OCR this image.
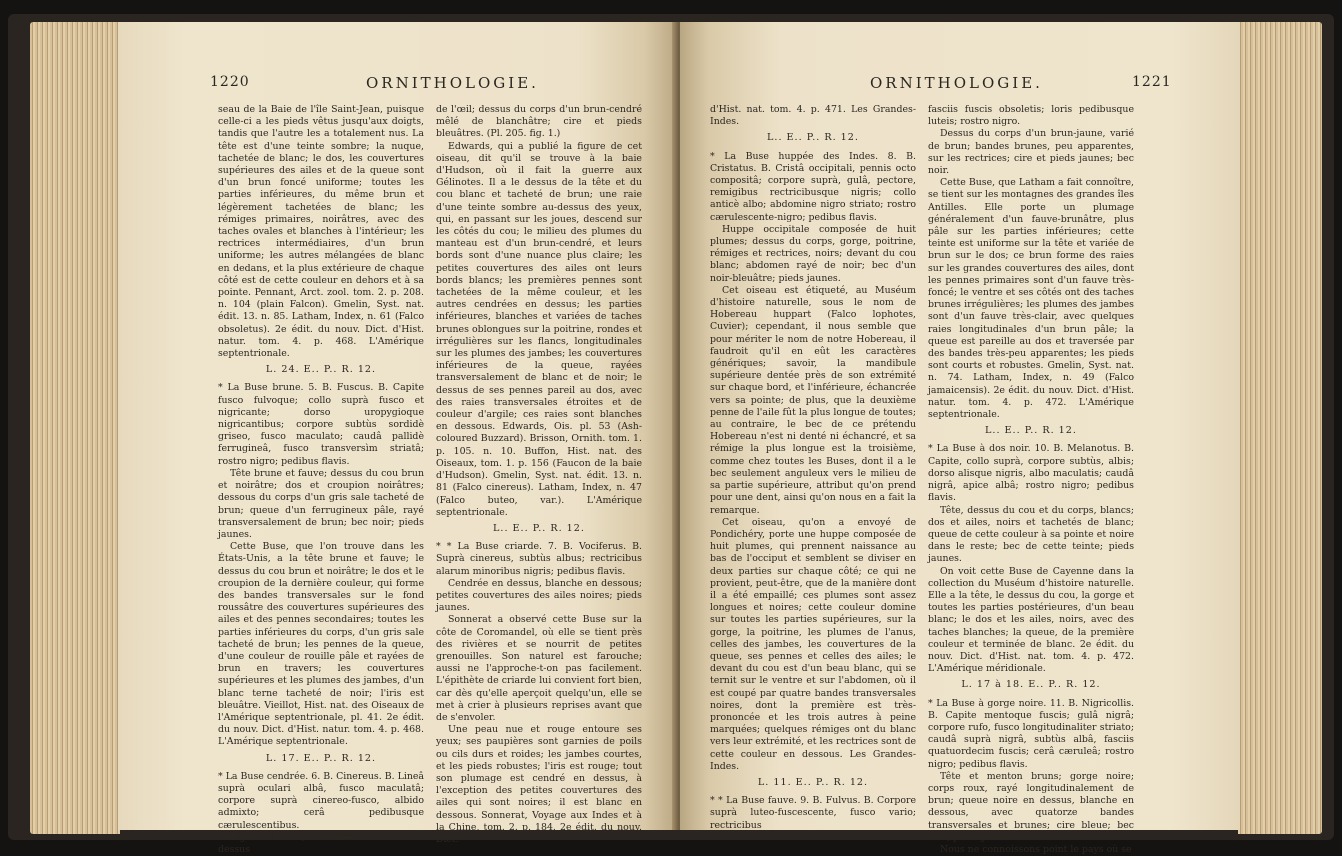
1220	ORNITHOLOGIE.

seau de la Baie de l'île Saint-Jean, puisque celle-ci a les pieds vêtus jusqu'aux doigts, tandis que l'autre les a totalement nus. La tête est d'une teinte sombre; la nuque, tachetée de blanc; le dos, les couvertures supérieures des ailes et de la queue sont d'un brun foncé uniforme; toutes les parties inférieures, du même brun et légèrement tachetées de blanc; les rémiges primaires, noirâtres, avec des taches ovales et blanches à l'intérieur; les rectrices intermédiaires, d'un brun uniforme; les autres mélangées de blanc en dedans, et la plus extérieure de chaque côté est de cette couleur en dehors et à sa pointe. Pennant, Arct. zool. tom. 2. p. 208. n. 104 (plain Falcon). Gmelin, Syst. nat. édit. 13. n. 85. Latham, Index, n. 61 (Falco obsoletus). 2e édit. du nouv. Dict. d'Hist. natur. tom. 4. p. 468. L'Amérique septentrionale.

L. 24. E.. P.. R. 12.

* La Buse brune. 5. B. Fuscus. B. Capite fusco fulvoque; collo suprà fusco et nigricante; dorso uropygioque nigricantibus; corpore subtùs sordidè griseo, fusco maculato; caudâ pallidè ferrugineâ, fusco transversìm striatâ; rostro nigro; pedibus flavis.

Tête brune et fauve; dessus du cou brun et noirâtre; dos et croupion noirâtres; dessous du corps d'un gris sale tacheté de brun; queue d'un ferrugineux pâle, rayé transversalement de brun; bec noir; pieds jaunes.

Cette Buse, que l'on trouve dans les États-Unis, a la tête brune et fauve; le dessus du cou brun et noirâtre; le dos et le croupion de la dernière couleur, qui forme des bandes transversales sur le fond roussâtre des couvertures supérieures des ailes et des pennes secondaires; toutes les parties inférieures du corps, d'un gris sale tacheté de brun; les pennes de la queue, d'une couleur de rouille pâle et rayées de brun en travers; les couvertures supérieures et les plumes des jambes, d'un blanc terne tacheté de noir; l'iris est bleuâtre. Vieillot, Hist. nat. des Oiseaux de l'Amérique septentrionale, pl. 41. 2e édit. du nouv. Dict. d'Hist. natur. tom. 4. p. 468. L'Amérique septentrionale.

L. 17. E.. P.. R. 12.

* La Buse cendrée. 6. B. Cinereus. B. Lineâ suprà oculari albâ, fusco maculatâ; corpore suprà cinereo-fusco, albido admixto; cerâ pedibusque cærulescentibus.

Ligne blanche, tachetée de brun au-dessus

de l'œil; dessus du corps d'un brun-cendré mêlé de blanchâtre; cire et pieds bleuâtres. (Pl. 205. fig. 1.)

Edwards, qui a publié la figure de cet oiseau, dit qu'il se trouve à la baie d'Hudson, où il fait la guerre aux Gélinotes. Il a le dessus de la tête et du cou blanc et tacheté de brun; une raie d'une teinte sombre au-dessus des yeux, qui, en passant sur les joues, descend sur les côtés du cou; le milieu des plumes du manteau est d'un brun-cendré, et leurs bords sont d'une nuance plus claire; les petites couvertures des ailes ont leurs bords blancs; les premières pennes sont tachetées de la même couleur, et les autres cendrées en dessus; les parties inférieures, blanches et variées de taches brunes oblongues sur la poitrine, rondes et irrégulières sur les flancs, longitudinales sur les plumes des jambes; les couvertures inférieures de la queue, rayées transversalement de blanc et de noir; le dessus de ses pennes pareil au dos, avec des raies transversales étroites et de couleur d'argile; ces raies sont blanches en dessous. Edwards, Ois. pl. 53 (Ash-coloured Buzzard). Brisson, Ornith. tom. 1. p. 105. n. 10. Buffon, Hist. nat. des Oiseaux, tom. 1. p. 156 (Faucon de la baie d'Hudson). Gmelin, Syst. nat. édit. 13. n. 81 (Falco cinereus). Latham, Index, n. 47 (Falco buteo, var.). L'Amérique septentrionale.

L.. E.. P.. R. 12.

* * La Buse criarde. 7. B. Vociferus. B. Suprà cinereus, subtùs albus; rectricibus alarum minoribus nigris; pedibus flavis.

Cendrée en dessus, blanche en dessous; petites couvertures des ailes noires; pieds jaunes.

Sonnerat a observé cette Buse sur la côte de Coromandel, où elle se tient près des rivières et se nourrit de petites grenouilles. Son naturel est farouche; aussi ne l'approche-t-on pas facilement. L'épithète de criarde lui convient fort bien, car dès qu'elle aperçoit quelqu'un, elle se met à crier à plusieurs reprises avant que de s'envoler.

Une peau nue et rouge entoure ses yeux; ses paupières sont garnies de poils ou cils durs et roides; les jambes courtes, et les pieds robustes; l'iris est rouge; tout son plumage est cendré en dessus, à l'exception des petites couvertures des ailes qui sont noires; il est blanc en dessous. Sonnerat, Voyage aux Indes et à la Chine, tom. 2. p. 184. 2e édit. du nouv. Dict.

ORNITHOLOGIE.	1221

d'Hist. nat. tom. 4. p. 471. Les Grandes-Indes.

L.. E.. P.. R. 12.

* La Buse huppée des Indes. 8. B. Cristatus. B. Cristâ occipitali, pennis octo compositâ; corpore suprà, gulâ, pectore, remigibus rectricibusque nigris; collo anticè albo; abdomine nigro striato; rostro cærulescente-nigro; pedibus flavis.

Huppe occipitale composée de huit plumes; dessus du corps, gorge, poitrine, rémiges et rectrices, noirs; devant du cou blanc; abdomen rayé de noir; bec d'un noir-bleuâtre; pieds jaunes.

Cet oiseau est étiqueté, au Muséum d'histoire naturelle, sous le nom de Hobereau huppart (Falco lophotes, Cuvier); cependant, il nous semble que pour mériter le nom de notre Hobereau, il faudroit qu'il en eût les caractères génériques; savoir, la mandibule supérieure dentée près de son extrémité sur chaque bord, et l'inférieure, échancrée vers sa pointe; de plus, que la deuxième penne de l'aile fût la plus longue de toutes; au contraire, le bec de ce prétendu Hobereau n'est ni denté ni échancré, et sa rémige la plus longue est la troisième, comme chez toutes les Buses, dont il a le bec seulement anguleux vers le milieu de sa partie supérieure, attribut qu'on prend pour une dent, ainsi qu'on nous en a fait la remarque.

Cet oiseau, qu'on a envoyé de Pondichéry, porte une huppe composée de huit plumes, qui prennent naissance au bas de l'occiput et semblent se diviser en deux parties sur chaque côté; ce qui ne provient, peut-être, que de la manière dont il a été empaillé; ces plumes sont assez longues et noires; cette couleur domine sur toutes les parties supérieures, sur la gorge, la poitrine, les plumes de l'anus, celles des jambes, les couvertures de la queue, ses pennes et celles des ailes; le devant du cou est d'un beau blanc, qui se ternit sur le ventre et sur l'abdomen, où il est coupé par quatre bandes transversales noires, dont la première est très-prononcée et les trois autres à peine marquées; quelques rémiges ont du blanc vers leur extrémité, et les rectrices sont de cette couleur en dessous. Les Grandes-Indes.

L. 11. E.. P.. R. 12.

* * La Buse fauve. 9. B. Fulvus. B. Corpore suprà luteo-fuscescente, fusco vario; rectricibus

fasciis fuscis obsoletis; loris pedibusque luteis; rostro nigro.

Dessus du corps d'un brun-jaune, varié de brun; bandes brunes, peu apparentes, sur les rectrices; cire et pieds jaunes; bec noir.

Cette Buse, que Latham a fait connoître, se tient sur les montagnes des grandes îles Antilles. Elle porte un plumage généralement d'un fauve-brunâtre, plus pâle sur les parties inférieures; cette teinte est uniforme sur la tête et variée de brun sur le dos; ce brun forme des raies sur les grandes couvertures des ailes, dont les pennes primaires sont d'un fauve très-foncé; le ventre et ses côtés ont des taches brunes irrégulières; les plumes des jambes sont d'un fauve très-clair, avec quelques raies longitudinales d'un brun pâle; la queue est pareille au dos et traversée par des bandes très-peu apparentes; les pieds sont courts et robustes. Gmelin, Syst. nat. n. 74. Latham, Index, n. 49 (Falco jamaicensis). 2e édit. du nouv. Dict. d'Hist. natur. tom. 4. p. 472. L'Amérique septentrionale.

L.. E.. P.. R. 12.

* La Buse à dos noir. 10. B. Melanotus. B. Capite, collo suprà, corpore subtùs, albis; dorso alisque nigris, albo maculatis; caudâ nigrâ, apice albâ; rostro nigro; pedibus flavis.

Tête, dessus du cou et du corps, blancs; dos et ailes, noirs et tachetés de blanc; queue de cette couleur à sa pointe et noire dans le reste; bec de cette teinte; pieds jaunes.

On voit cette Buse de Cayenne dans la collection du Muséum d'histoire naturelle. Elle a la tête, le dessus du cou, la gorge et toutes les parties postérieures, d'un beau blanc; le dos et les ailes, noirs, avec des taches blanches; la queue, de la première couleur et terminée de blanc. 2e édit. du nouv. Dict. d'Hist. nat. tom. 4. p. 472. L'Amérique méridionale.

L. 17 à 18. E.. P.. R. 12.

* La Buse à gorge noire. 11. B. Nigricollis. B. Capite mentoque fuscis; gulâ nigrâ; corpore rufo, fusco longitudinaliter striato; caudâ suprà nigrâ, subtùs albâ, fasciis quatuordecim fuscis; cerâ cæruleâ; rostro nigro; pedibus flavis.

Tête et menton bruns; gorge noire; corps roux, rayé longitudinalement de brun; queue noire en dessus, blanche en dessous, avec quatorze bandes transversales et brunes; cire bleue; bec noir; pieds jaunes.

Nous ne connoissons point le pays où se
